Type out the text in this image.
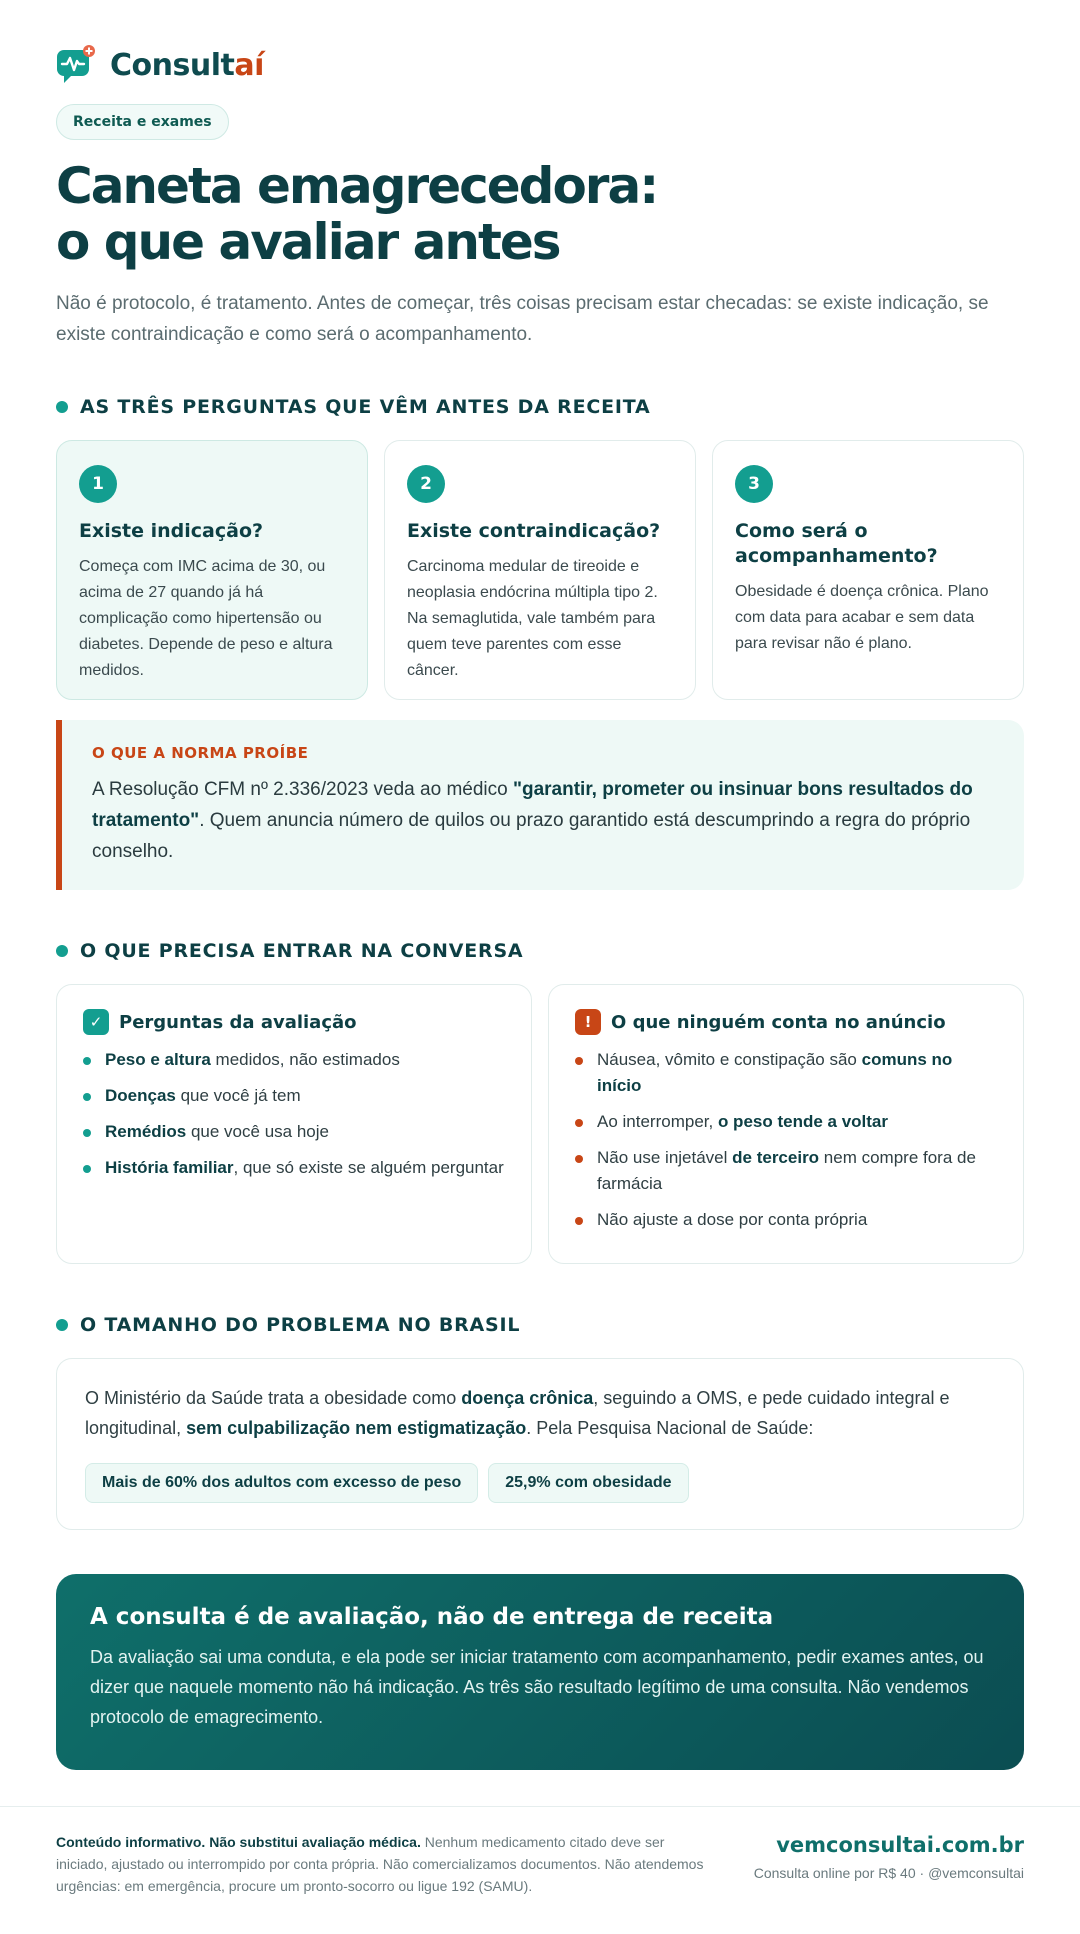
Consultaí
Receita e exames
Caneta emagrecedora:
o que avaliar antes

Não é protocolo, é tratamento. Antes de começar, três coisas precisam estar checadas: se existe indicação, se existe contraindicação e como será o acompanhamento.

AS TRÊS PERGUNTAS QUE VÊM ANTES DA RECEITA
1
Existe indicação?

Começa com IMC acima de 30, ou acima de 27 quando já há complicação como hipertensão ou diabetes. Depende de peso e altura medidos.

2
Existe contraindicação?

Carcinoma medular de tireoide e neoplasia endócrina múltipla tipo 2. Na semaglutida, vale também para quem teve parentes com esse câncer.

3
Como será o acompanhamento?

Obesidade é doença crônica. Plano com data para acabar e sem data para revisar não é plano.

O QUE A NORMA PROÍBE

A Resolução CFM nº 2.336/2023 veda ao médico "garantir, prometer ou insinuar bons resultados do tratamento". Quem anuncia número de quilos ou prazo garantido está descumprindo a regra do próprio conselho.

O QUE PRECISA ENTRAR NA CONVERSA
✓ Perguntas da avaliação
Peso e altura medidos, não estimados
Doenças que você já tem
Remédios que você usa hoje
História familiar, que só existe se alguém perguntar
!	O que ninguém conta no anúncio
Náusea, vômito e constipação são comuns no início
Ao interromper, o peso tende a voltar
Não use injetável de terceiro nem compre fora de farmácia
Não ajuste a dose por conta própria
O TAMANHO DO PROBLEMA NO BRASIL

O Ministério da Saúde trata a obesidade como doença crônica, seguindo a OMS, e pede cuidado integral e longitudinal, sem culpabilização nem estigmatização. Pela Pesquisa Nacional de Saúde:

Mais de 60% dos adultos com excesso de peso	25,9% com obesidade
A consulta é de avaliação, não de entrega de receita

Da avaliação sai uma conduta, e ela pode ser iniciar tratamento com acompanhamento, pedir exames antes, ou dizer que naquele momento não há indicação. As três são resultado legítimo de uma consulta. Não vendemos protocolo de emagrecimento.

Conteúdo informativo. Não substitui avaliação médica. Nenhum medicamento citado deve ser iniciado, ajustado ou interrompido por conta própria. Não comercializamos documentos. Não atendemos urgências: em emergência, procure um pronto-socorro ou ligue 192 (SAMU).

vemconsultai.com.br
Consulta online por R$ 40 · @vemconsultai
